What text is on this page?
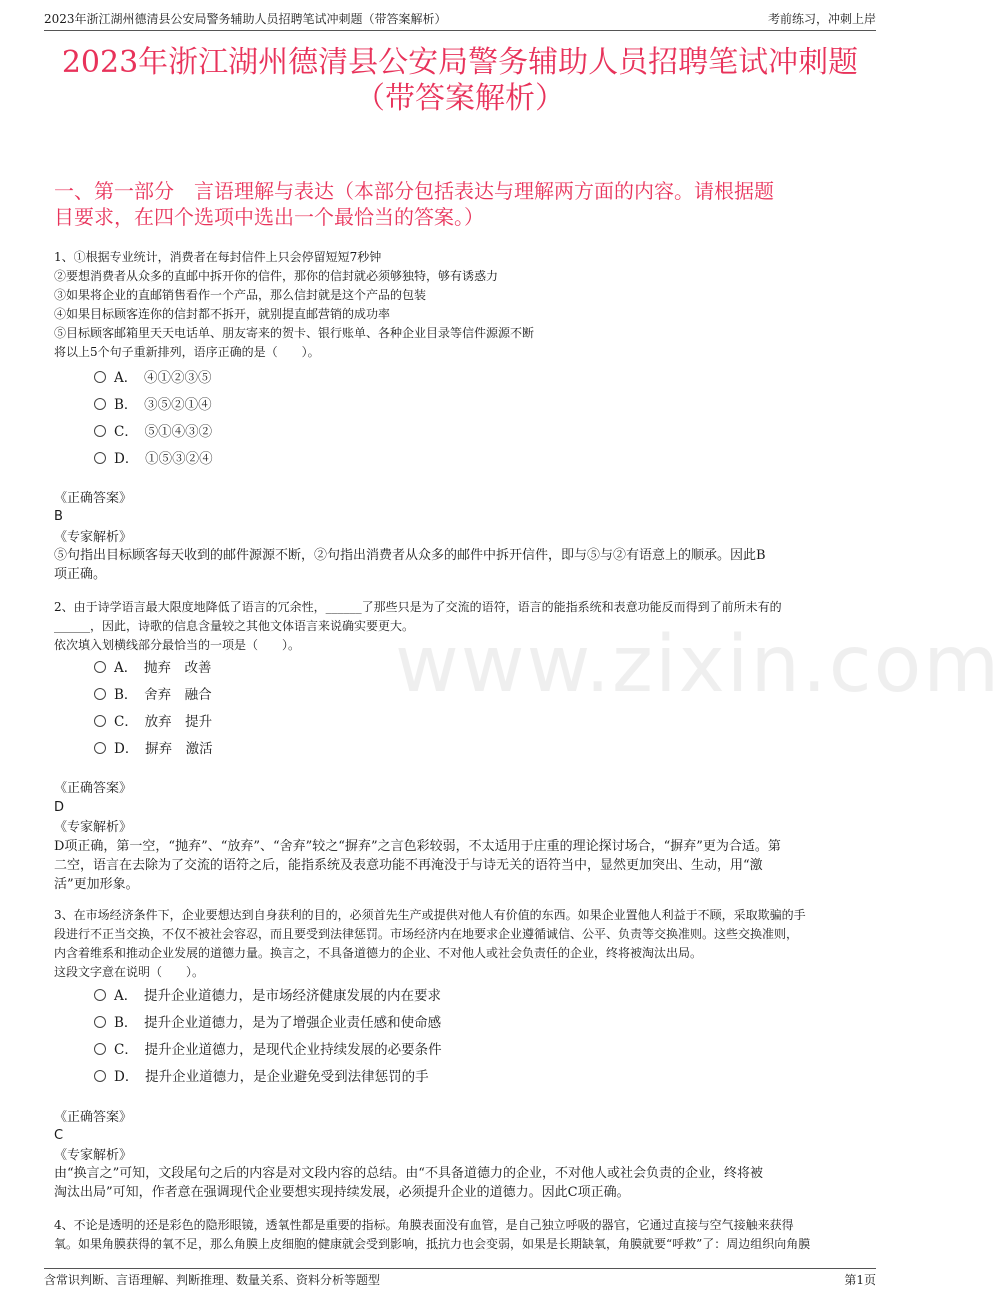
2023年浙江湖州德清县公安局警务辅助人员招聘笔试冲刺题（带答案解析）	考前练习，冲刺上岸
2023年浙江湖州德清县公安局警务辅助人员招聘笔试冲刺题
（带答案解析）
一、第一部分　言语理解与表达（本部分包括表达与理解两方面的内容。请根据题
目要求，在四个选项中选出一个最恰当的答案。）
www.zixin.com
1、①根据专业统计，消费者在每封信件上只会停留短短7秒钟
②要想消费者从众多的直邮中拆开你的信件，那你的信封就必须够独特，够有诱惑力
③如果将企业的直邮销售看作一个产品，那么信封就是这个产品的包装
④如果目标顾客连你的信封都不拆开，就别提直邮营销的成功率
⑤目标顾客邮箱里天天电话单、朋友寄来的贺卡、银行账单、各种企业目录等信件源源不断
将以上5个句子重新排列，语序正确的是（　　）。
A．　④①②③⑤
B．　③⑤②①④
C．　⑤①④③②
D．　①⑤③②④
《正确答案》
B
《专家解析》
⑤句指出目标顾客每天收到的邮件源源不断，②句指出消费者从众多的邮件中拆开信件，即与⑤与②有语意上的顺承。因此B
项正确。
2、由于诗学语言最大限度地降低了语言的冗余性，______了那些只是为了交流的语符，语言的能指系统和表意功能反而得到了前所未有的
______，因此，诗歌的信息含量较之其他文体语言来说确实要更大。
依次填入划横线部分最恰当的一项是（　　）。
A．　抛弃　改善
B．　舍弃　融合
C．　放弃　提升
D．　摒弃　激活
《正确答案》
D
《专家解析》
D项正确，第一空，“抛弃”、“放弃”、“舍弃”较之“摒弃”之言色彩较弱，不太适用于庄重的理论探讨场合，“摒弃”更为合适。第
二空，语言在去除为了交流的语符之后，能指系统及表意功能不再淹没于与诗无关的语符当中，显然更加突出、生动，用“激
活”更加形象。
3、在市场经济条件下，企业要想达到自身获利的目的，必须首先生产或提供对他人有价值的东西。如果企业置他人利益于不顾，采取欺骗的手
段进行不正当交换，不仅不被社会容忍，而且要受到法律惩罚。市场经济内在地要求企业遵循诚信、公平、负责等交换准则。这些交换准则，
内含着维系和推动企业发展的道德力量。换言之，不具备道德力的企业、不对他人或社会负责任的企业，终将被淘汰出局。
这段文字意在说明（　　）。
A．　提升企业道德力，是市场经济健康发展的内在要求
B．　提升企业道德力，是为了增强企业责任感和使命感
C．　提升企业道德力，是现代企业持续发展的必要条件
D．　提升企业道德力，是企业避免受到法律惩罚的手
《正确答案》
C
《专家解析》
由“换言之”可知，文段尾句之后的内容是对文段内容的总结。由“不具备道德力的企业，不对他人或社会负责的企业，终将被
淘汰出局”可知，作者意在强调现代企业要想实现持续发展，必须提升企业的道德力。因此C项正确。
4、不论是透明的还是彩色的隐形眼镜，透氧性都是重要的指标。角膜表面没有血管，是自己独立呼吸的器官，它通过直接与空气接触来获得
氧。如果角膜获得的氧不足，那么角膜上皮细胞的健康就会受到影响，抵抗力也会变弱，如果是长期缺氧，角膜就要“呼救”了：周边组织向角膜
含常识判断、言语理解、判断推理、数量关系、资料分析等题型	第1页
